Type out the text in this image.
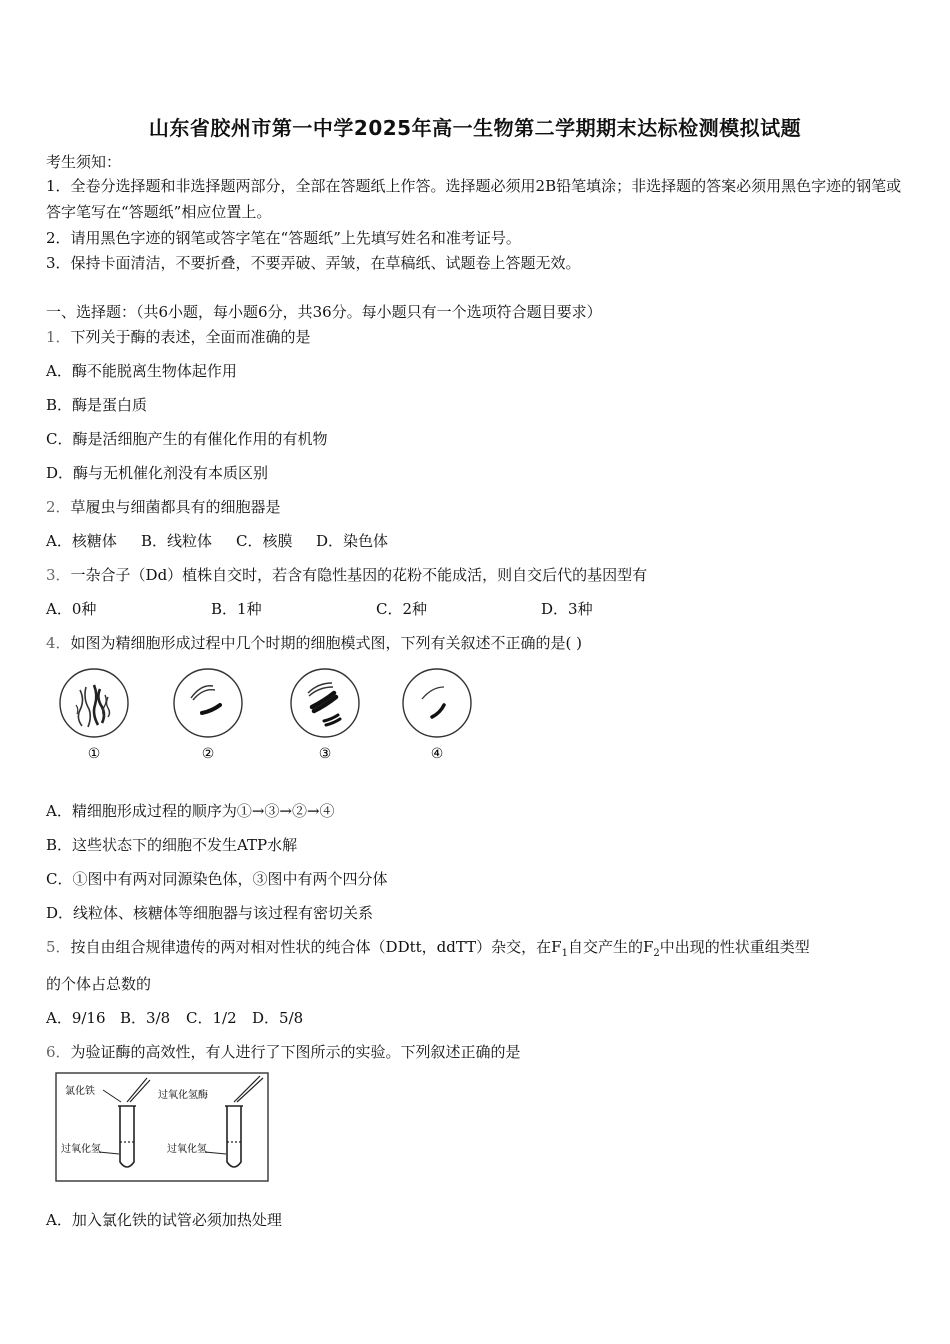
山东省胶州市第一中学2025年高一生物第二学期期末达标检测模拟试题
考生须知：
1．全卷分选择题和非选择题两部分，全部在答题纸上作答。选择题必须用2B铅笔填涂；非选择题的答案必须用黑色字迹的钢笔或答字笔写在“答题纸”相应位置上。
2．请用黑色字迹的钢笔或答字笔在“答题纸”上先填写姓名和准考证号。
3．保持卡面清洁，不要折叠，不要弄破、弄皱，在草稿纸、试题卷上答题无效。
一、选择题：（共6小题，每小题6分，共36分。每小题只有一个选项符合题目要求）
1．下列关于酶的表述，全面而准确的是
A．酶不能脱离生物体起作用
B．酶是蛋白质
C．酶是活细胞产生的有催化作用的有机物
D．酶与无机催化剂没有本质区别
2．草履虫与细菌都具有的细胞器是
A．核糖体 B．线粒体 C．核膜 D．染色体
3．一杂合子（Dd）植株自交时，若含有隐性基因的花粉不能成活，则自交后代的基因型有
A．0种	B．1种	C．2种	D．3种
4．如图为精细胞形成过程中几个时期的细胞模式图，下列有关叙述不正确的是( )
①	②	③	④
A．精细胞形成过程的顺序为①→③→②→④
B．这些状态下的细胞不发生ATP水解
C．①图中有两对同源染色体，③图中有两个四分体
D．线粒体、核糖体等细胞器与该过程有密切关系
5．按自由组合规律遗传的两对相对性状的纯合体（DDtt，ddTT）杂交，在$F_1$自交产生的$F_2$中出现的性状重组类型
的个体占总数的
A．9/16 B．3/8 C．1/2 D．5/8
6．为验证酶的高效性，有人进行了下图所示的实验。下列叙述正确的是
氯化铁	过氧化氢酶
过氧化氢	过氧化氢
A．加入氯化铁的试管必须加热处理
